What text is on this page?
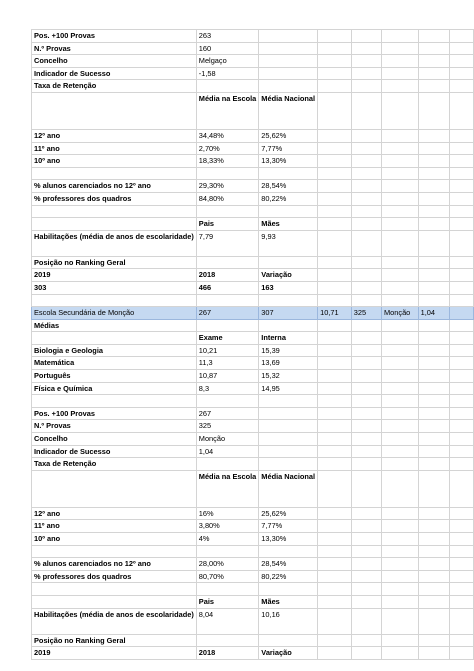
Pos. +100 Provas	263						
N.º Provas	160						
Concelho	Melgaço						
Indicador de Sucesso	-1,58						
Taxa de Retenção							
	Média na Escola	Média Nacional					
12º ano	34,48%	25,62%					
11º ano	2,70%	7,77%					
10º ano	18,33%	13,30%					

% alunos carenciados no 12º ano	29,30%	28,54%					
% professores dos quadros	84,80%	80,22%					

	Pais	Mães					
Habilitações (média de anos de escolaridade)	7,79	9,93					
Posição no Ranking Geral							
2019	2018	Variação					
303	466	163					

Escola Secundária de Monção	267	307	10,71	325	Monção	1,04	
Médias							
	Exame	Interna					
Biologia e Geologia	10,21	15,39					
Matemática	11,3	13,69					
Português	10,87	15,32					
Física e Química	8,3	14,95					

Pos. +100 Provas	267						
N.º Provas	325						
Concelho	Monção						
Indicador de Sucesso	1,04						
Taxa de Retenção							
	Média na Escola	Média Nacional					
12º ano	16%	25,62%					
11º ano	3,80%	7,77%					
10º ano	4%	13,30%					

% alunos carenciados no 12º ano	28,00%	28,54%					
% professores dos quadros	80,70%	80,22%					

	Pais	Mães					
Habilitações (média de anos de escolaridade)	8,04	10,16					
Posição no Ranking Geral							
2019	2018	Variação					
